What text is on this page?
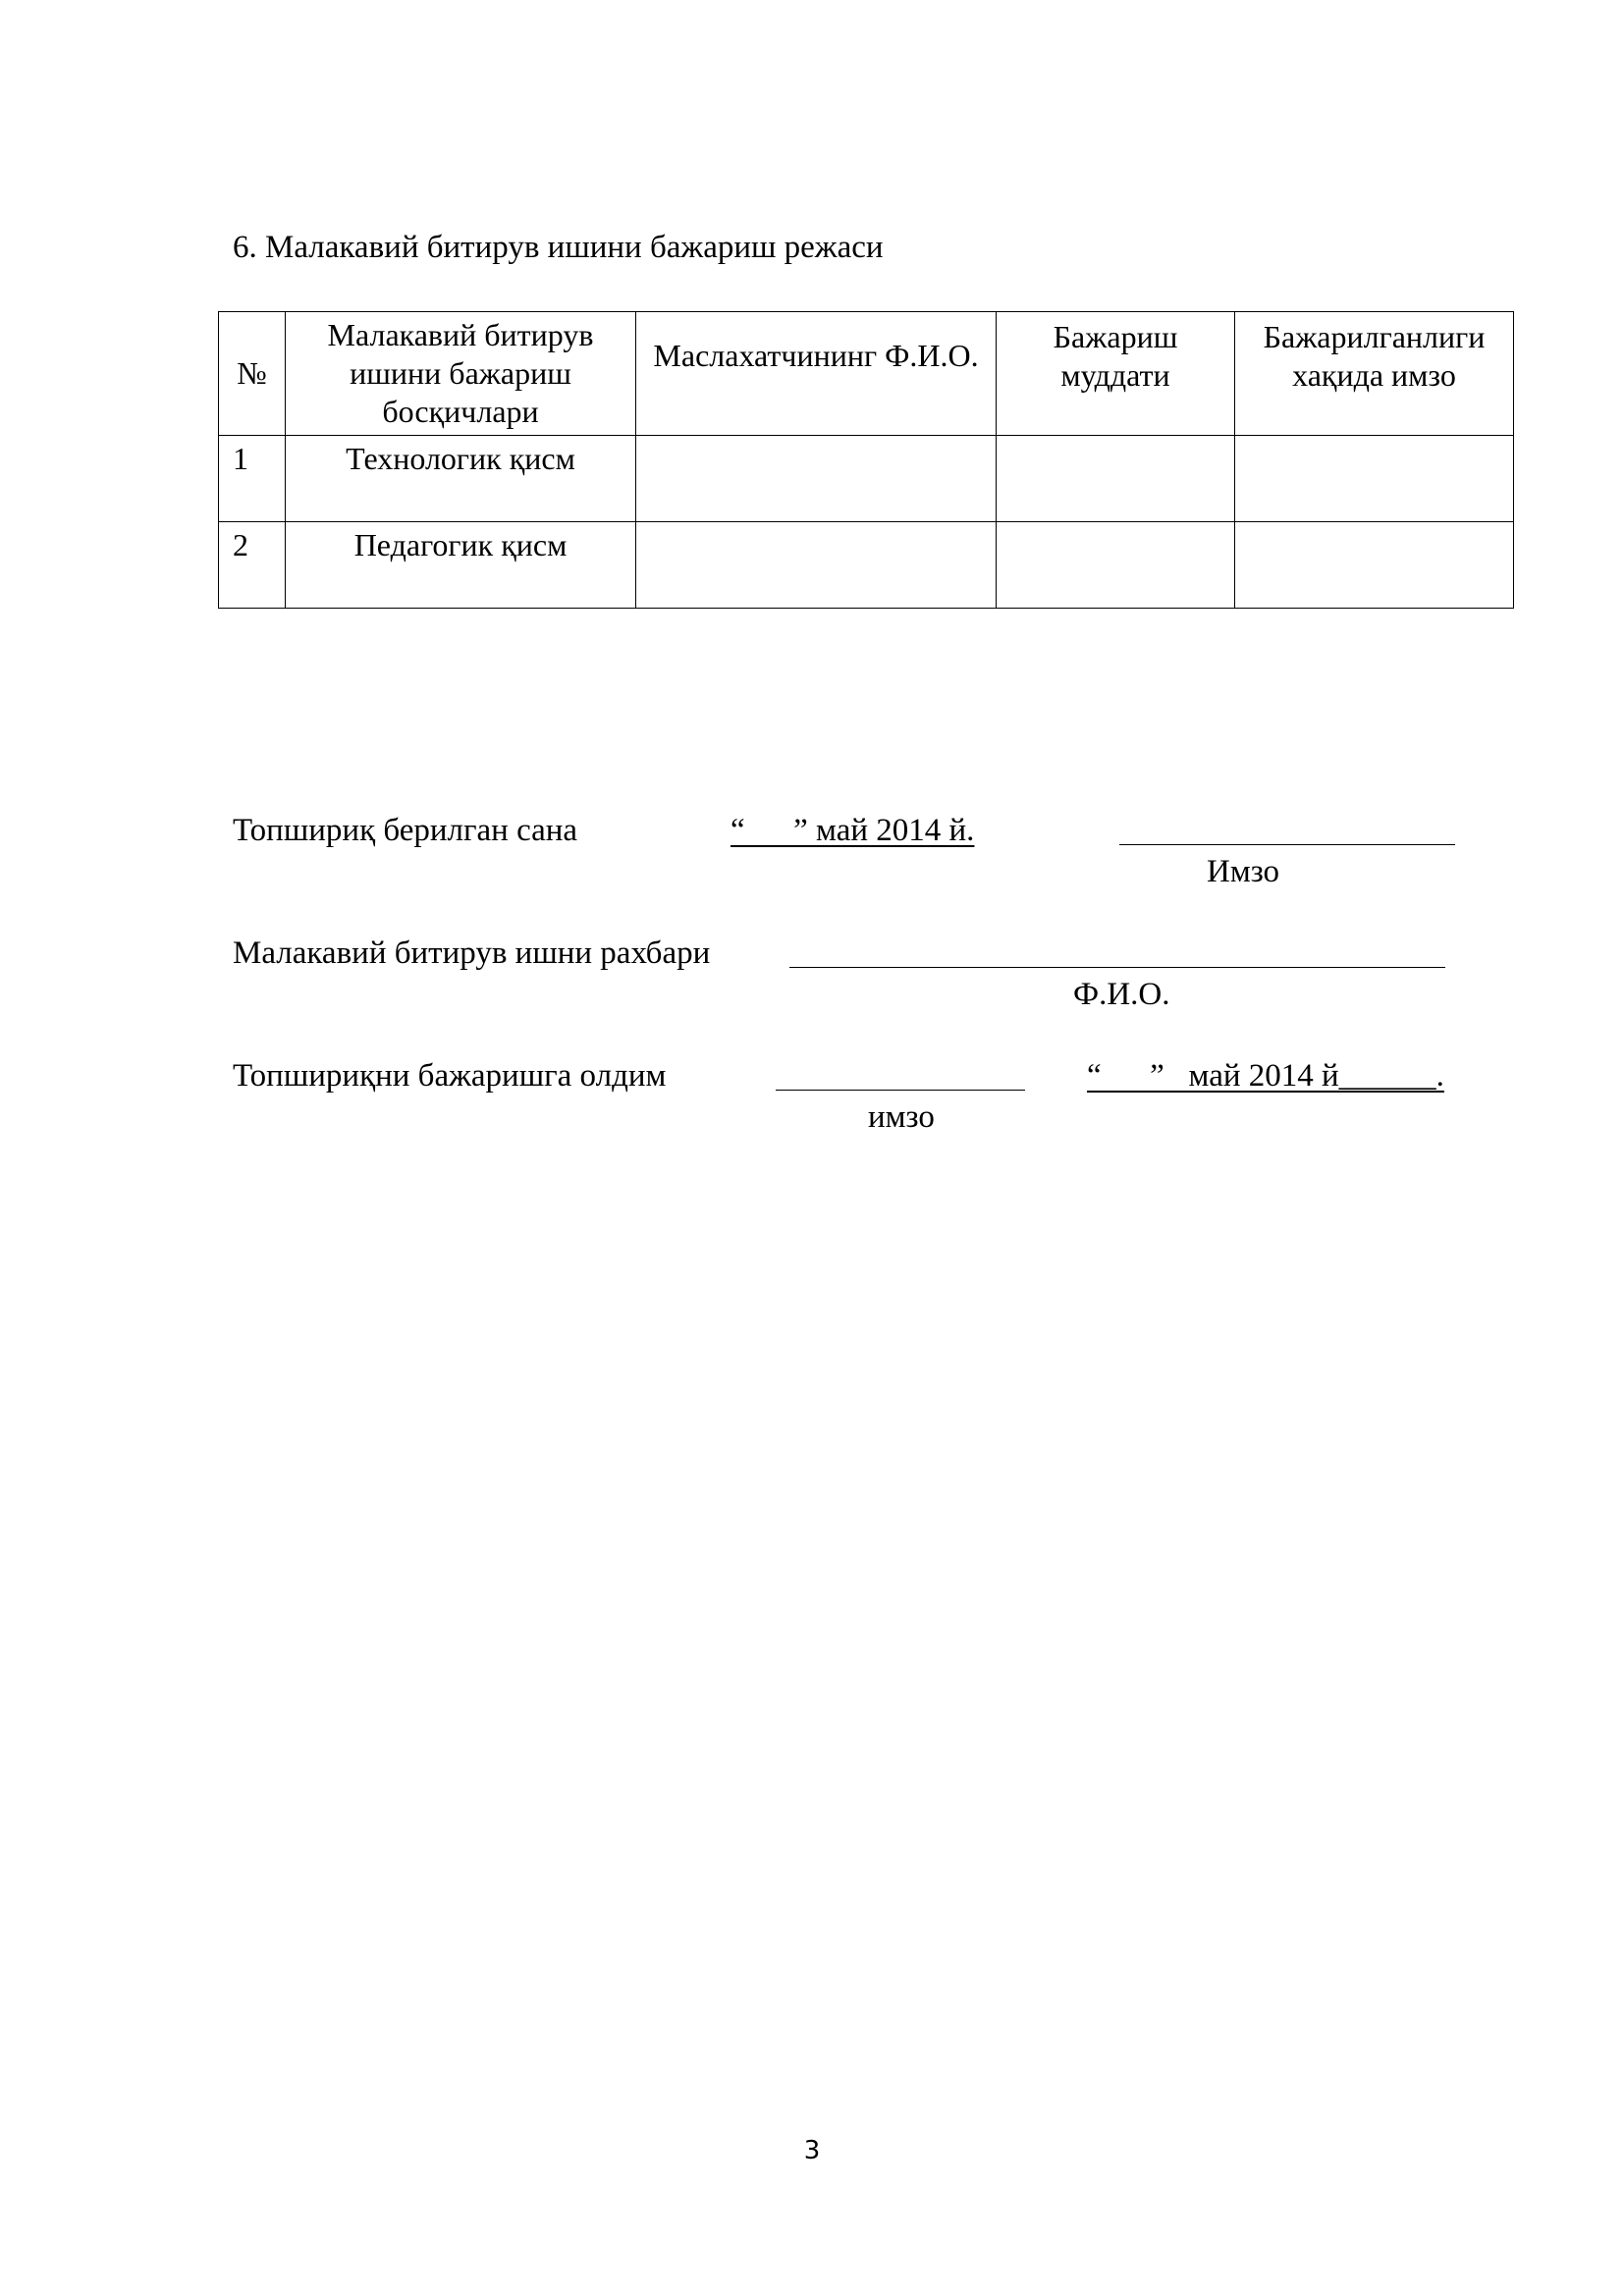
6. Малакавий битирув ишини бажариш режаси
№	Малакавий битирув ишини бажариш босқичлари	Маслахатчининг Ф.И.О.	Бажариш муддати	Бажарилганлиги хақида имзо

1	Технологик қисм			
2	Педагогик қисм			
Топшириқ берилган сана	“      ” май 2014 й.
Имзо
Малакавий битирув ишни рахбари
Ф.И.О.
Топшириқни бажаришга олдим
имзо
“      ”   май 2014 й______.
3
